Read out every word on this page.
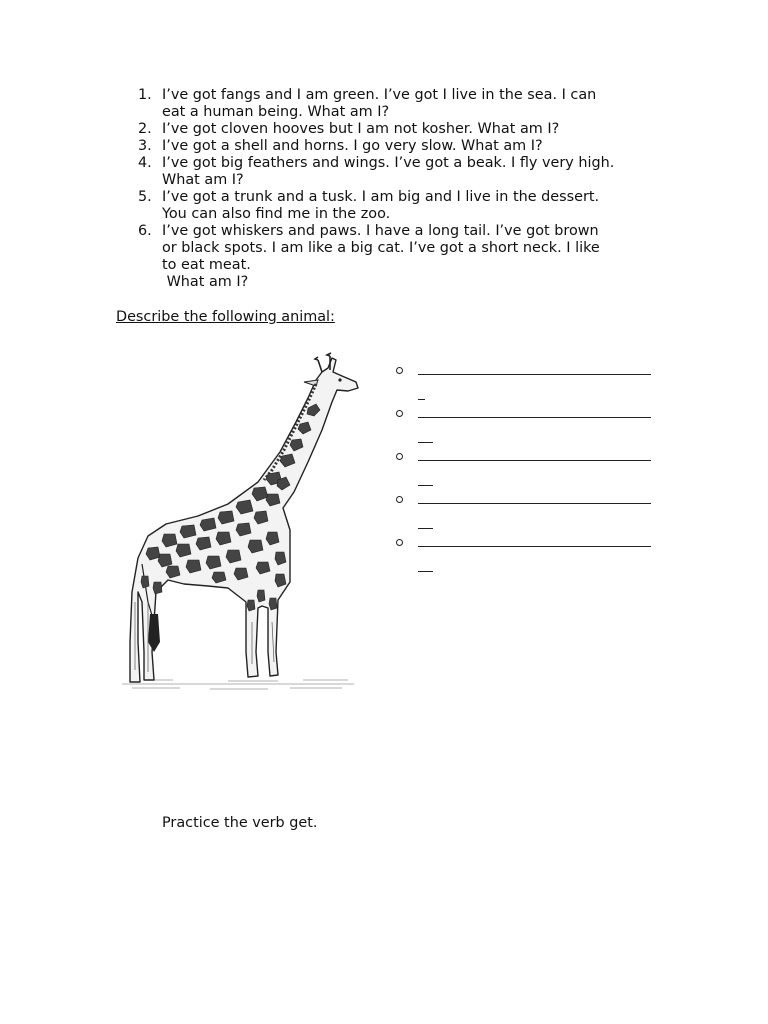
1. I’ve got fangs and I am green. I’ve got I live in the sea. I can
eat a human being. What am I?
2. I’ve got cloven hooves but I am not kosher. What am I?
3. I’ve got a shell and horns. I go very slow. What am I?
4. I’ve got big feathers and wings. I’ve got a beak. I fly very high.
What am I?
5. I’ve got a trunk and a tusk. I am big and I live in the dessert.
You can also find me in the zoo.
6. I’ve got whiskers and paws. I have a long tail. I’ve got brown
or black spots. I am like a big cat. I’ve got a short neck. I like
to eat meat.
What am I?
Describe the following animal:
Practice the verb get.
